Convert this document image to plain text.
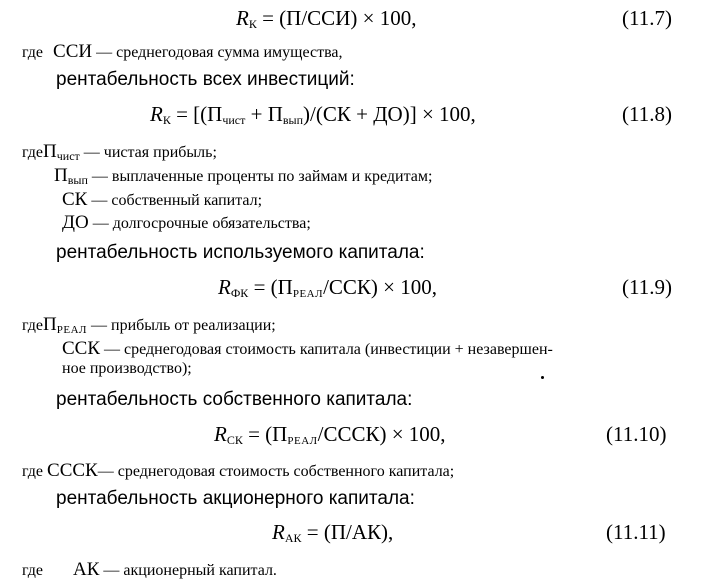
$R_К = (П/ССИ) \times 100$,	(11.7)
где ССИ — среднегодовая сумма имущества,
рентабельность всех инвестиций:
$R_К = [(П_{чист} + П_{вып})/(СК + ДО)] \times 100$,	(11.8)
гдеП$_{чист}$ — чистая прибыль;
$П_{вып}$ — выплаченные проценты по займам и кредитам;
СК — собственный капитал;
ДО — долгосрочные обязательства;
рентабельность используемого капитала:
$R_{ФК}$ = (ПРЕАЛ/ССК) × 100,	(11.9)
гдеПРЕАЛ — прибыль от реализации;
ССК — среднегодовая стоимость капитала (инвестиции + незавершен-
ное производство);
рентабельность собственного капитала:
$R_{СК}$ = (ПРЕАЛ/СССК) × 100,	(11.10)
где СССК— среднегодовая стоимость собственного капитала;
рентабельность акционерного капитала:
$R_{АК} = (П/АК)$,	(11.11)
где АК — акционерный капитал.
